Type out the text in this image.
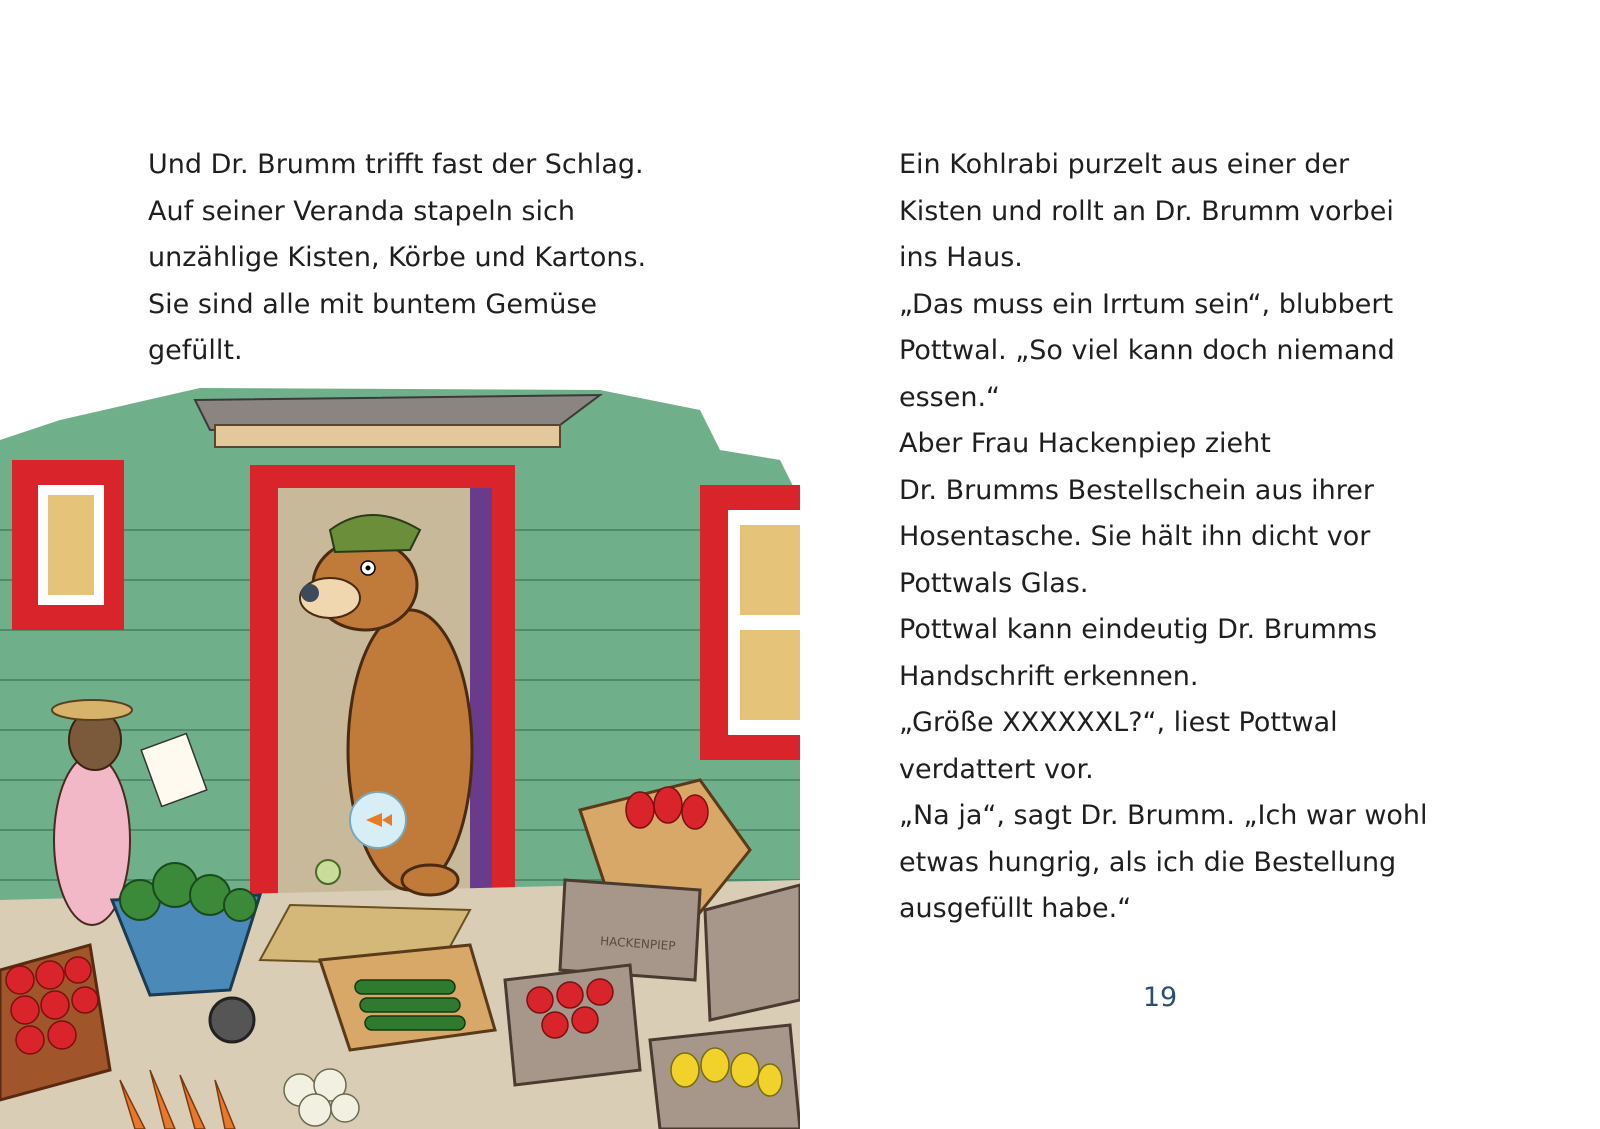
Und Dr. Brumm trifft fast der Schlag.

Auf seiner Veranda stapeln sich

unzählige Kisten, Körbe und Kartons.

Sie sind alle mit buntem Gemüse

gefüllt.

HACKENPIEP

Ein Kohlrabi purzelt aus einer der

Kisten und rollt an Dr. Brumm vorbei

ins Haus.

„Das muss ein Irrtum sein“, blubbert

Pottwal. „So viel kann doch niemand

essen.“

Aber Frau Hackenpiep zieht

Dr. Brumms Bestellschein aus ihrer

Hosentasche. Sie hält ihn dicht vor

Pottwals Glas.

Pottwal kann eindeutig Dr. Brumms

Handschrift erkennen.

„Größe XXXXXXL?“, liest Pottwal

verdattert vor.

„Na ja“, sagt Dr. Brumm. „Ich war wohl

etwas hungrig, als ich die Bestellung

ausgefüllt habe.“

19
